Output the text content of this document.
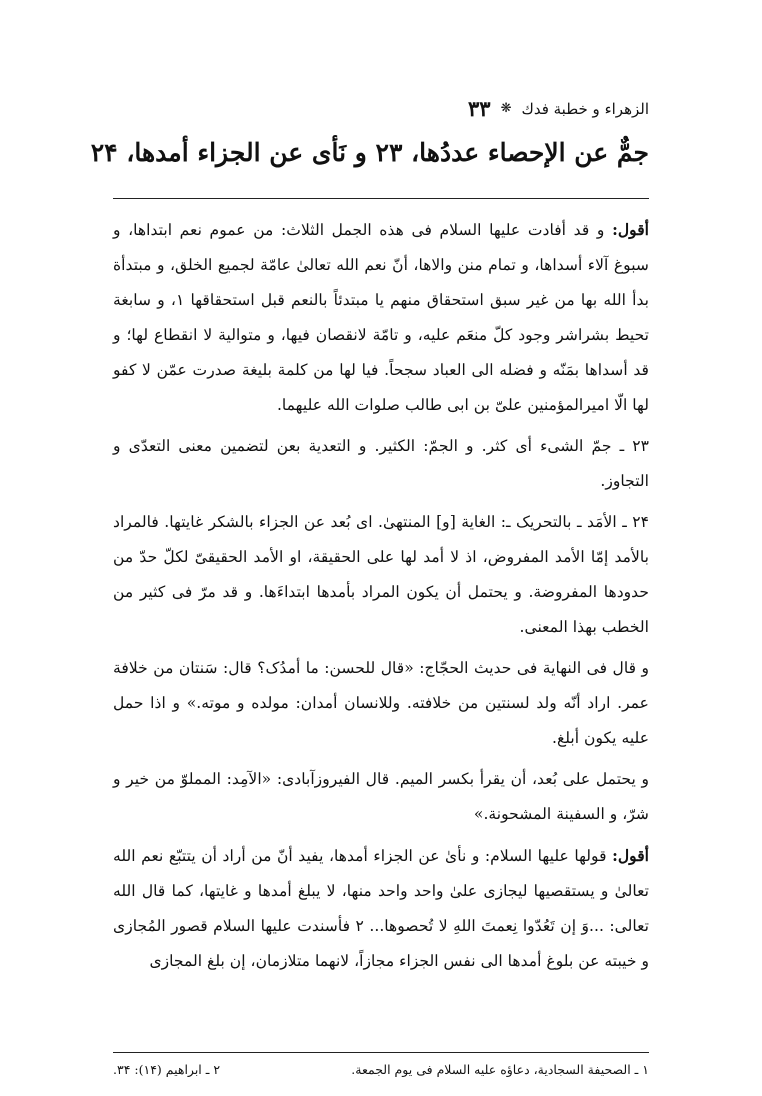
الزهراء و خطبة فدك
❋
۳۳
جمٌّ عن الإحصاء عددُها، ۲۳ و نَأى عن الجزاء أمدها، ۲۴

أقول: و قد أفادت عليها السلام فى هذه الجمل الثلاث: من عموم نعم ابتداها، و سبوغ آلاء أسداها، و تمام منن والاها، أنّ نعم الله تعالیٰ عامّة لجميع الخلق، و مبتدأة بدأ الله بها من غير سبق استحقاق منهم يا مبتدئاً بالنعم قبل استحقاقها ۱، و سابغة تحيط بشراشر وجود كلّ منعَم عليه، و تامّة لانقصان فيها، و متوالية لا انقطاع لها؛ و قد أسداها بمَنّه و فضله الى العباد سجحاً. فيا لها من كلمة بليغة صدرت عمّن لا كفو لها الّا اميرالمؤمنين علیّ بن ابی طالب صلوات الله عليهما.

۲۳ ـ جمّ الشیء أی كثر. و الجمّ: الكثير. و التعدية بعن لتضمين معنى التعدّی و التجاوز.

۲۴ ـ الأمَد ـ بالتحريک ـ: الغاية [و] المنتهیٰ. ای بُعد عن الجزاء بالشكر غايتها. فالمراد بالأمد إمّا الأمد المفروض، اذ لا أمد لها علی الحقيقة، او الأمد الحقيقیّ لكلّ حدّ من حدودها المفروضة. و يحتمل أن يكون المراد بأمدها ابتداءَها. و قد مرّ فی كثير من الخطب بهذا المعنى.

و قال فی النهاية فی حديث الحجّاج: «قال للحسن: ما أمدُک؟ قال: سَنتان من خلافة عمر. اراد أنّه ولد لسنتين من خلافته. وللانسان أمدان: مولده و موته.» و اذا حمل عليه يكون أبلغ.

و يحتمل علی بُعد، أن يقرأ بكسر الميم. قال الفيروزآبادی: «الآمِد: المملوّ من خير و شرّ، و السفينة المشحونة.»

أقول: قولها عليها السلام: و نأیٰ عن الجزاء أمدها، يفيد أنّ من أراد أن يتتبّع نعم الله تعالیٰ و يستقصيها ليجازی علیٰ واحد واحد منها، لا يبلغ أمدها و غايتها، كما قال الله تعالى: ...وَ إن تَعُدّوا نِعمتَ اللهِ لا تُحصوها... ۲ فأسندت عليها السلام قصور المُجازی و خيبته عن بلوغ أمدها الى نفس الجزاء مجازاً، لانهما متلازمان، إن بلغ المجازی

۱ ـ الصحيفة السجادية، دعاؤه عليه السلام فی يوم الجمعة.
۲ ـ ابراهيم (۱۴): ۳۴.
